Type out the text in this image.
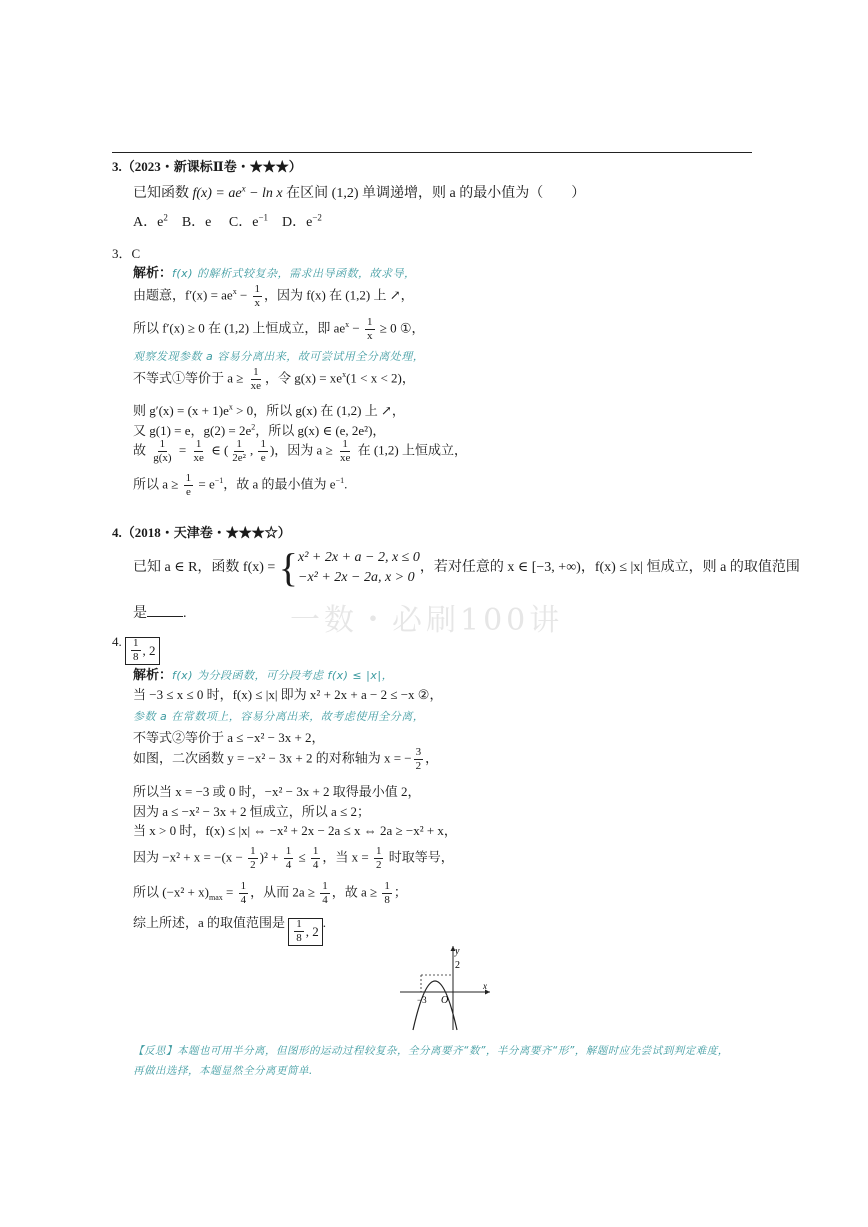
3.（2023・新课标Ⅱ卷・★★★）
已知函数 $f(x) = ae^x - \ln x$ 在区间 (1,2) 单调递增，则 a 的最小值为（　　）
A．$e^2$　B．e　 C．$e^{-1}$　D．$e^{-2}$
3．C
解析：f(x) 的解析式较复杂，需求出导函数，故求导，
由题意，$f'(x) = ae^x - \frac{1}{x}$ ，因为 f(x) 在 (1,2) 上 ↗，
所以 f′(x) ≥ 0 在 (1,2) 上恒成立，即 $ae^x - \frac{1}{x} \ge 0$ ①，
观察发现参数 a 容易分离出来，故可尝试用全分离处理，
不等式①等价于 $a \ge \frac{1}{xe}$ ，令 $g(x) = xe^x(1 < x < 2)$，
则 $g'(x) = (x + 1)e^x > 0$，所以 g(x) 在 (1,2) 上 ↗，
又 g(1) = e，$g(2) = 2e^2$，所以 g(x) ∈ (e, 2e²)，
故 $\frac{1}{g(x)} = \frac{1}{xe}$ ∈ ( $\frac{1}{\text{2e²}}$ , $\frac{1}{e}$ )，因为 $a \ge \frac{1}{xe}$ 在 (1,2) 上恒成立，
所以 $a \ge \frac{1}{e} = e^{-1}$，故 a 的最小值为 $e^{-1}$.
4.（2018・天津卷・★★★☆）
已知 a ∈ R，函数 f(x) = { x² + 2x + a − 2, x ≤ 0
−x² + 2x − 2a, x > 0
，若对任意的 x ∈ [−3, +∞)，f(x) ≤ |x| 恒成立，则 a 的取值范围
是	.	一数・必刷100讲
4. $\frac{1}{8}$ , 2
解析：f(x) 为分段函数，可分段考虑 f(x) ≤ |x|，
当 −3 ≤ x ≤ 0 时，f(x) ≤ |x| 即为 x² + 2x + a − 2 ≤ −x ②，
参数 a 在常数项上，容易分离出来，故考虑使用全分离，
不等式②等价于 a ≤ −x² − 3x + 2，
如图，二次函数 y = −x² − 3x + 2 的对称轴为 x = − $\frac{3}{2}$ ，
所以当 x = −3 或 0 时，−x² − 3x + 2 取得最小值 2，
因为 a ≤ −x² − 3x + 2 恒成立，所以 a ≤ 2；
当 x > 0 时，f(x) ≤ |x| ⇔ −x² + 2x − 2a ≤ x ⇔ 2a ≥ −x² + x，
因为 $-x^2 + x = -(x - \frac{1}{2} )^2 + \frac{1}{4} \le \frac{1}{4}$ ，当 $x = \frac{1}{2}$ 时取等号，
所以 $(-x^2 + x)_{max} = \frac{1}{4}$ ，从而 $2a \ge \frac{1}{4}$ ，故 $a \ge \frac{1}{8}$ ；
综上所述，a 的取值范围是 $\frac{1}{8}$ , 2
.
y
x
2
−3 O
【反思】本题也可用半分离，但图形的运动过程较复杂，全分离要齐“数”，半分离要齐“形”，解题时应先尝试到判定难度，
再做出选择，本题显然全分离更简单.
